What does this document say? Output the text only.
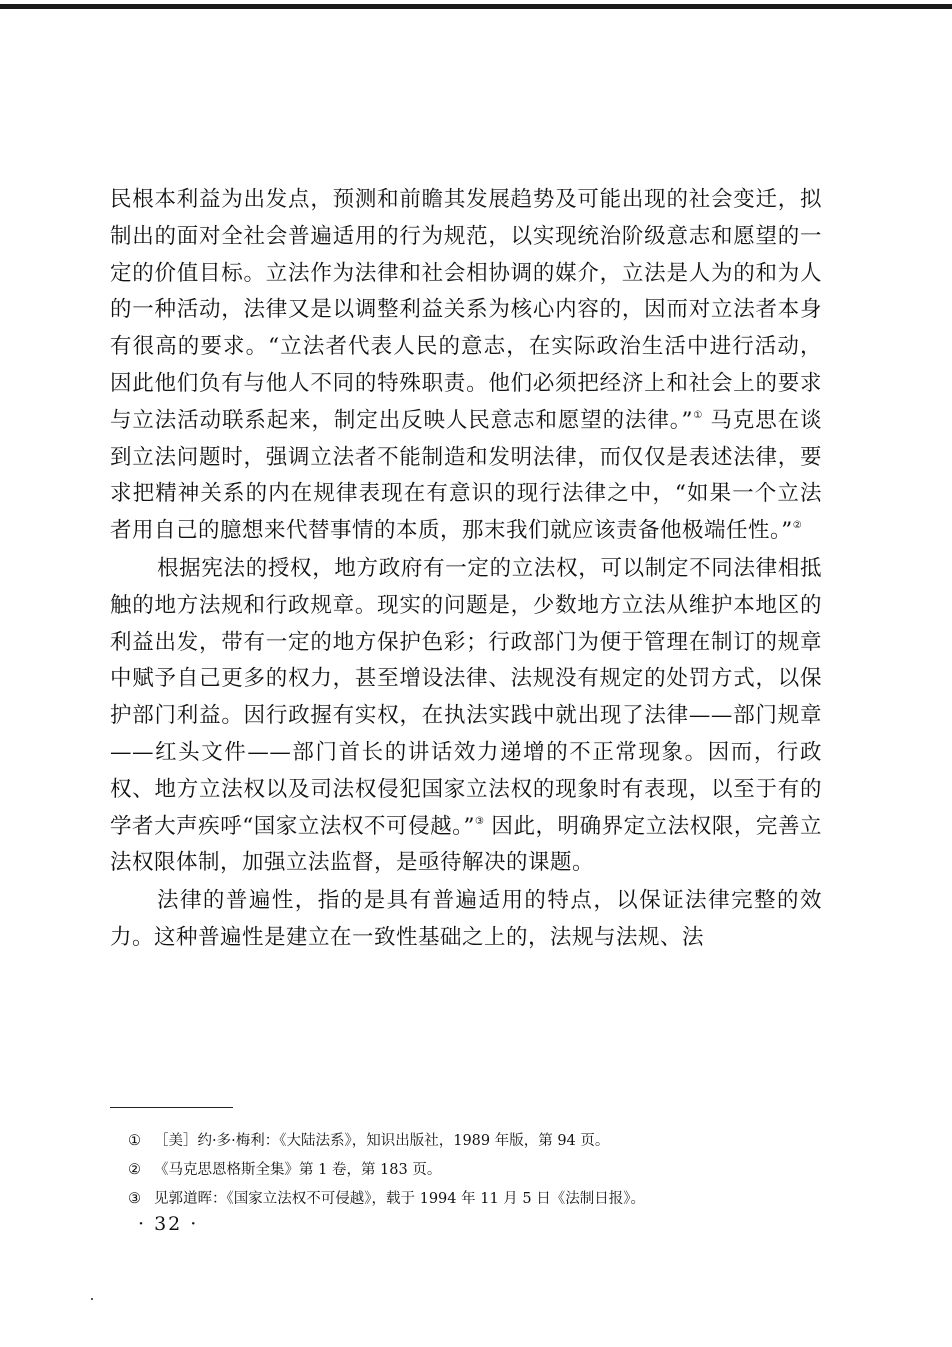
民根本利益为出发点，预测和前瞻其发展趋势及可能出现的社会变迁，拟制出的面对全社会普遍适用的行为规范，以实现统治阶级意志和愿望的一定的价值目标。立法作为法律和社会相协调的媒介，立法是人为的和为人的一种活动，法律又是以调整利益关系为核心内容的，因而对立法者本身有很高的要求。“立法者代表人民的意志，在实际政治生活中进行活动，因此他们负有与他人不同的特殊职责。他们必须把经济上和社会上的要求与立法活动联系起来，制定出反映人民意志和愿望的法律。”① 马克思在谈到立法问题时，强调立法者不能制造和发明法律，而仅仅是表述法律，要求把精神关系的内在规律表现在有意识的现行法律之中，“如果一个立法者用自己的臆想来代替事情的本质，那末我们就应该责备他极端任性。”②

根据宪法的授权，地方政府有一定的立法权，可以制定不同法律相抵触的地方法规和行政规章。现实的问题是，少数地方立法从维护本地区的利益出发，带有一定的地方保护色彩；行政部门为便于管理在制订的规章中赋予自己更多的权力，甚至增设法律、法规没有规定的处罚方式，以保护部门利益。因行政握有实权，在执法实践中就出现了法律——部门规章——红头文件——部门首长的讲话效力递增的不正常现象。因而，行政权、地方立法权以及司法权侵犯国家立法权的现象时有表现，以至于有的学者大声疾呼“国家立法权不可侵越。”③ 因此，明确界定立法权限，完善立法权限体制，加强立法监督，是亟待解决的课题。

法律的普遍性，指的是具有普遍适用的特点，以保证法律完整的效力。这种普遍性是建立在一致性基础之上的，法规与法规、法

① ［美］约·多·梅利：《大陆法系》，知识出版社，1989 年版，第 94 页。
② 《马克思恩格斯全集》第 1 卷，第 183 页。
③ 见郭道晖：《国家立法权不可侵越》，载于 1994 年 11 月 5 日《法制日报》。
· 32 ·
